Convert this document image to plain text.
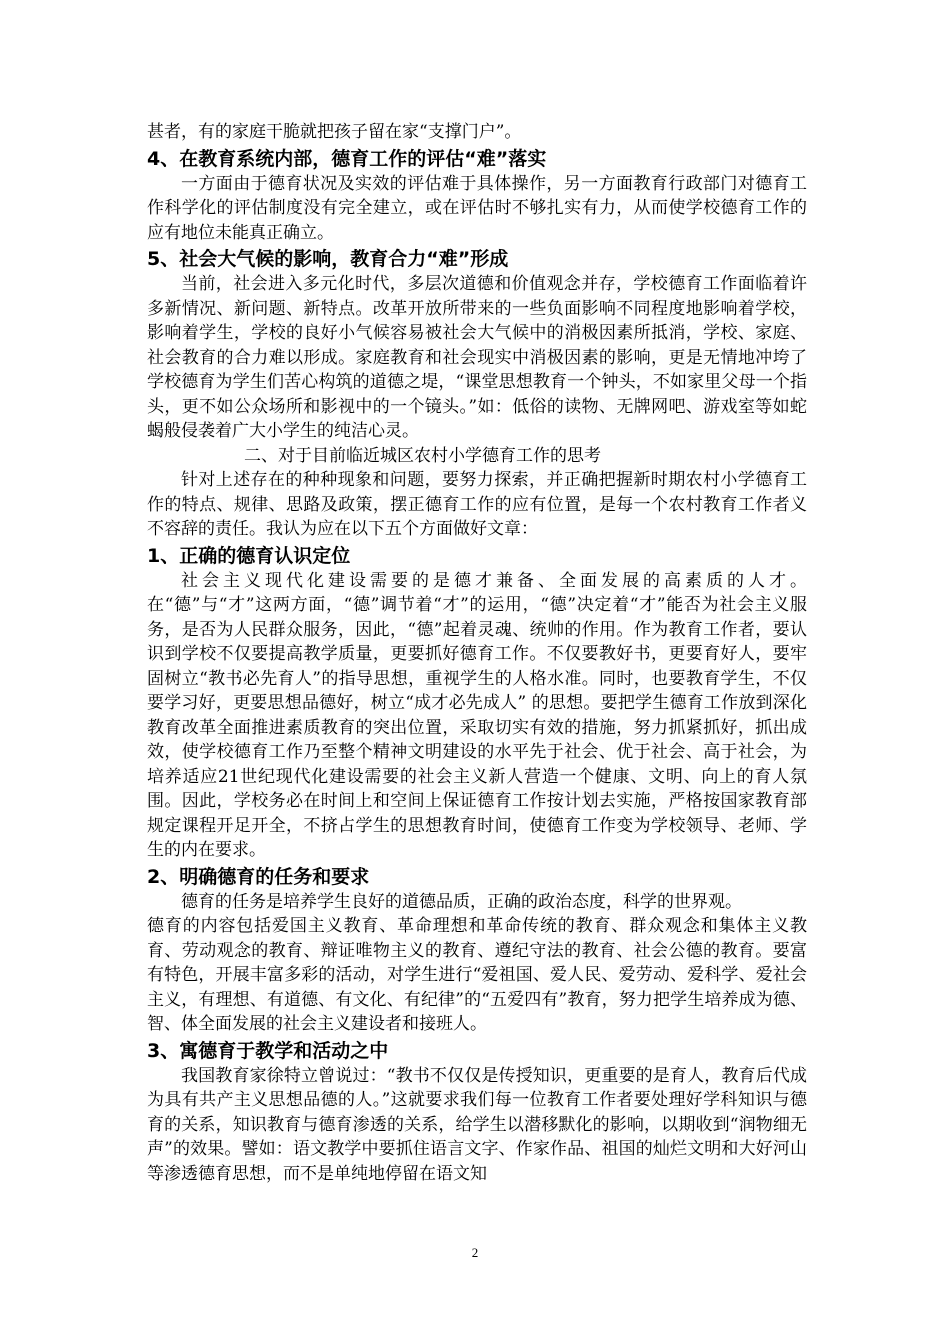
甚者，有的家庭干脆就把孩子留在家“支撑门户”。

4、在教育系统内部，德育工作的评估“难”落实

一方面由于德育状况及实效的评估难于具体操作，另一方面教育行政部门对德育工作科学化的评估制度没有完全建立，或在评估时不够扎实有力，从而使学校德育工作的应有地位未能真正确立。

5、社会大气候的影响，教育合力“难”形成

当前，社会进入多元化时代，多层次道德和价值观念并存，学校德育工作面临着许多新情况、新问题、新特点。改革开放所带来的一些负面影响不同程度地影响着学校，影响着学生，学校的良好小气候容易被社会大气候中的消极因素所抵消，学校、家庭、社会教育的合力难以形成。家庭教育和社会现实中消极因素的影响，更是无情地冲垮了学校德育为学生们苦心构筑的道德之堤，“课堂思想教育一个钟头，不如家里父母一个指头，更不如公众场所和影视中的一个镜头。”如：低俗的读物、无牌网吧、游戏室等如蛇蝎般侵袭着广大小学生的纯洁心灵。

二、对于目前临近城区农村小学德育工作的思考

针对上述存在的种种现象和问题，要努力探索，并正确把握新时期农村小学德育工作的特点、规律、思路及政策，摆正德育工作的应有位置，是每一个农村教育工作者义不容辞的责任。我认为应在以下五个方面做好文章：

1、正确的德育认识定位

社会主义现代化建设需要的是德才兼备、全面发展的高素质的人才。在“德”与“才”这两方面，“德”调节着“才”的运用，“德”决定着“才”能否为社会主义服务，是否为人民群众服务，因此，“德”起着灵魂、统帅的作用。作为教育工作者，要认识到学校不仅要提高教学质量，更要抓好德育工作。不仅要教好书，更要育好人，要牢固树立“教书必先育人”的指导思想，重视学生的人格水准。同时，也要教育学生，不仅要学习好，更要思想品德好，树立“成才必先成人” 的思想。要把学生德育工作放到深化教育改革全面推进素质教育的突出位置，采取切实有效的措施，努力抓紧抓好，抓出成效，使学校德育工作乃至整个精神文明建设的水平先于社会、优于社会、高于社会，为培养适应21世纪现代化建设需要的社会主义新人营造一个健康、文明、向上的育人氛围。因此，学校务必在时间上和空间上保证德育工作按计划去实施，严格按国家教育部规定课程开足开全，不挤占学生的思想教育时间，使德育工作变为学校领导、老师、学生的内在要求。

2、明确德育的任务和要求

德育的任务是培养学生良好的道德品质，正确的政治态度，科学的世界观。

德育的内容包括爱国主义教育、革命理想和革命传统的教育、群众观念和集体主义教育、劳动观念的教育、辩证唯物主义的教育、遵纪守法的教育、社会公德的教育。要富有特色，开展丰富多彩的活动，对学生进行“爱祖国、爱人民、爱劳动、爱科学、爱社会主义，有理想、有道德、有文化、有纪律”的“五爱四有”教育，努力把学生培养成为德、智、体全面发展的社会主义建设者和接班人。

3、寓德育于教学和活动之中

我国教育家徐特立曾说过：“教书不仅仅是传授知识，更重要的是育人，教育后代成为具有共产主义思想品德的人。”这就要求我们每一位教育工作者要处理好学科知识与德育的关系，知识教育与德育渗透的关系，给学生以潜移默化的影响，以期收到“润物细无声”的效果。譬如：语文教学中要抓住语言文字、作家作品、祖国的灿烂文明和大好河山等渗透德育思想，而不是单纯地停留在语文知

2
